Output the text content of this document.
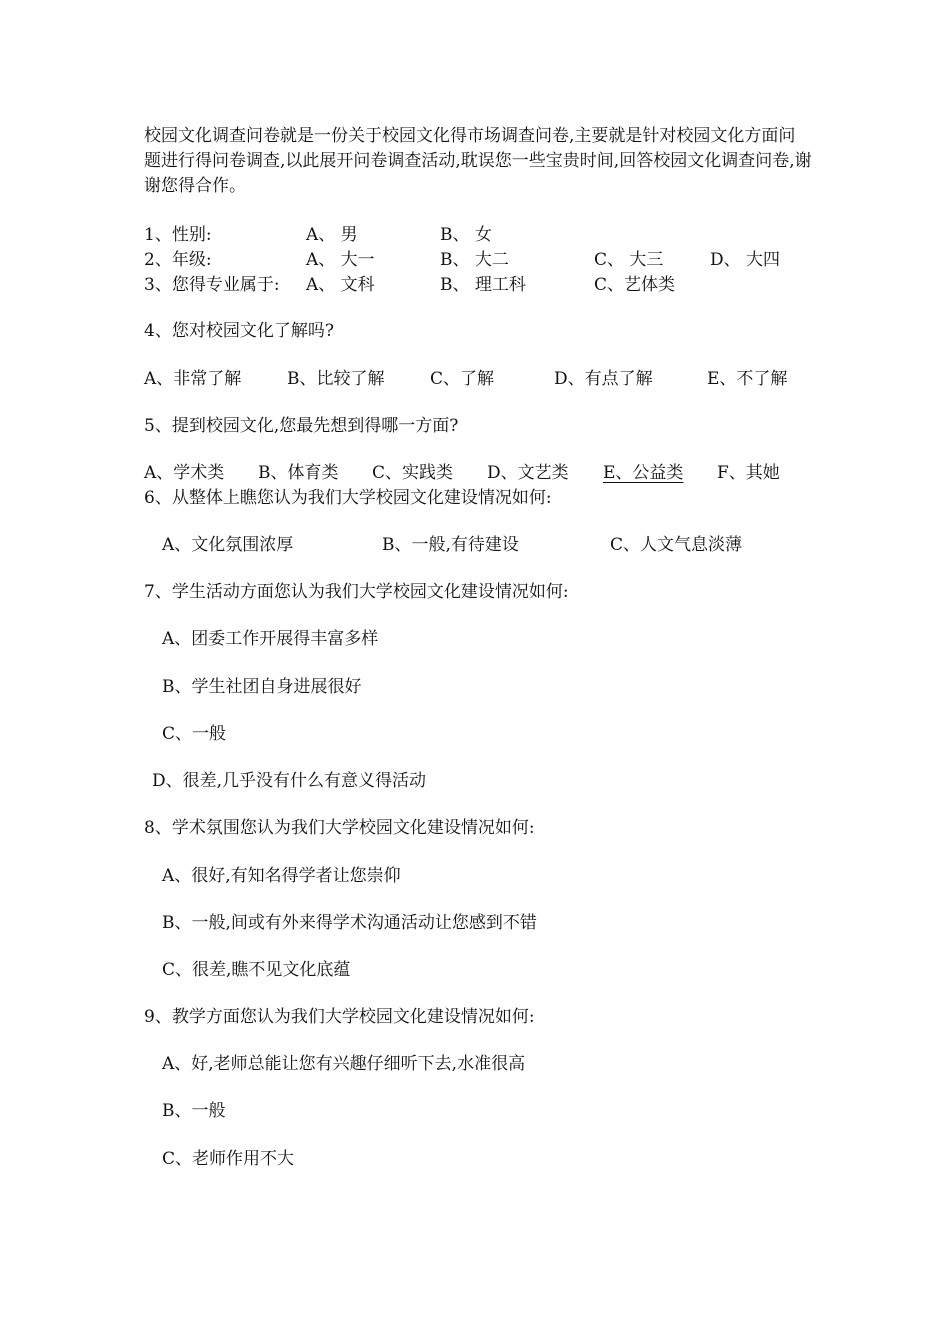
校园文化调查问卷就是一份关于校园文化得市场调查问卷,主要就是针对校园文化方面问题进行得问卷调查,以此展开问卷调查活动,耽误您一些宝贵时间,回答校园文化调查问卷,谢谢您得合作。

1、性别:	A、 男	B、 女
2、年级:	A、 大一	B、 大二	C、 大三	D、 大四
3、您得专业属于: A、 文科	B、 理工科	C、艺体类
4、您对校园文化了解吗?
A、非常了解	B、比较了解	C、了解	D、有点了解	E、不了解
5、提到校园文化,您最先想到得哪一方面?
A、学术类 B、体育类 C、实践类 D、文艺类 E、公益类 F、其她
6、从整体上瞧您认为我们大学校园文化建设情况如何:
A、文化氛围浓厚	B、一般,有待建设	C、人文气息淡薄
7、学生活动方面您认为我们大学校园文化建设情况如何:
A、团委工作开展得丰富多样
B、学生社团自身进展很好
C、一般
D、很差,几乎没有什么有意义得活动
8、学术氛围您认为我们大学校园文化建设情况如何:
A、很好,有知名得学者让您崇仰
B、一般,间或有外来得学术沟通活动让您感到不错
C、很差,瞧不见文化底蕴
9、教学方面您认为我们大学校园文化建设情况如何:
A、好,老师总能让您有兴趣仔细听下去,水准很高
B、一般
C、老师作用不大
